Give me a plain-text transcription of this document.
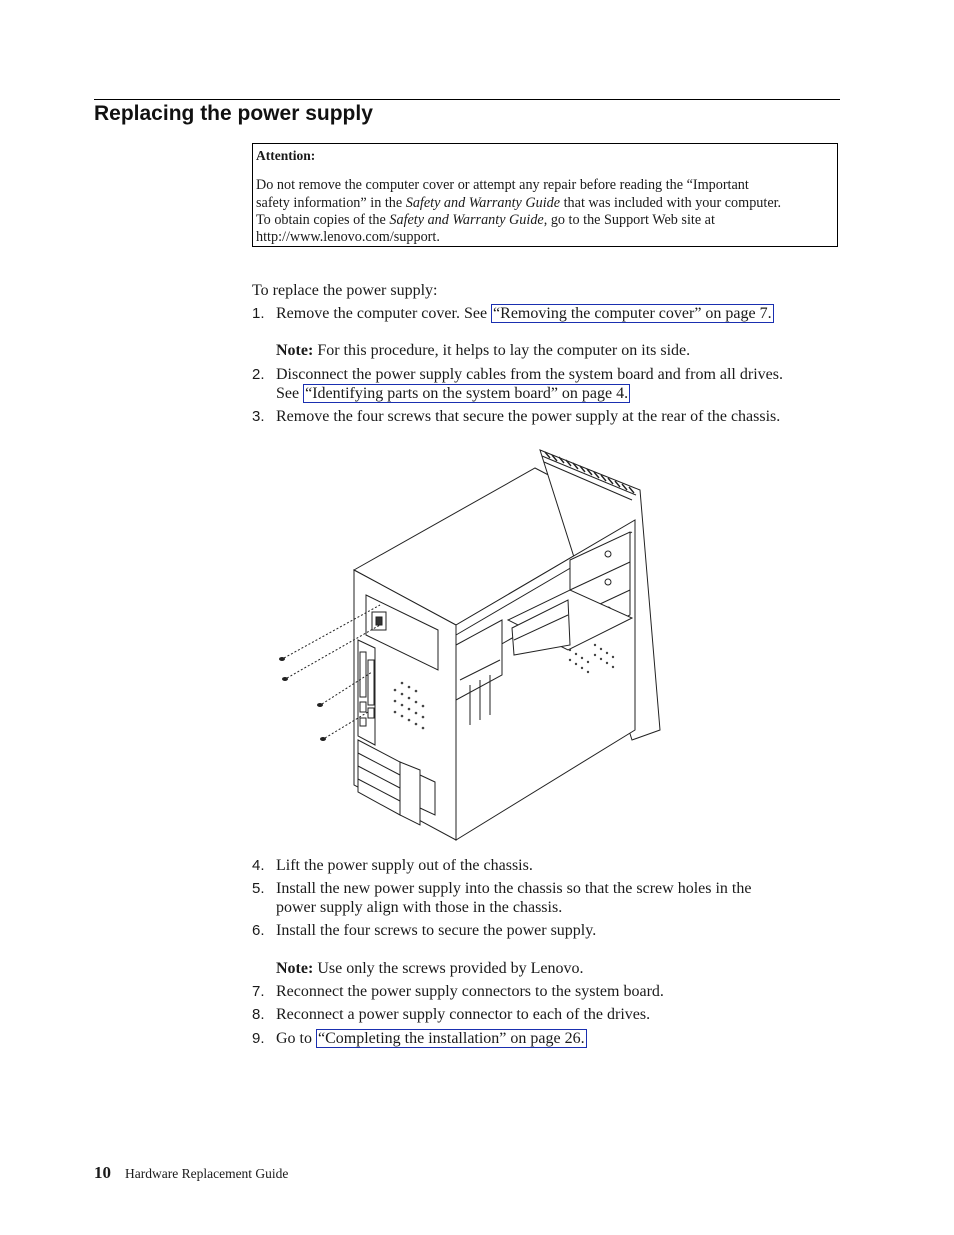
Replacing the power supply
Attention:
Do not remove the computer cover or attempt any repair before reading the “Important
safety information” in the Safety and Warranty Guide that was included with your computer.
To obtain copies of the Safety and Warranty Guide, go to the Support Web site at
http://www.lenovo.com/support.
To replace the power supply:
1. Remove the computer cover. See “Removing the computer cover” on page 7.
Note: For this procedure, it helps to lay the computer on its side.
2. Disconnect the power supply cables from the system board and from all drives.
See “Identifying parts on the system board” on page 4.
3. Remove the four screws that secure the power supply at the rear of the chassis.
4. Lift the power supply out of the chassis.
5. Install the new power supply into the chassis so that the screw holes in the
power supply align with those in the chassis.
6. Install the four screws to secure the power supply.
Note: Use only the screws provided by Lenovo.
7. Reconnect the power supply connectors to the system board.
8. Reconnect a power supply connector to each of the drives.
9. Go to “Completing the installation” on page 26.
10 Hardware Replacement Guide
